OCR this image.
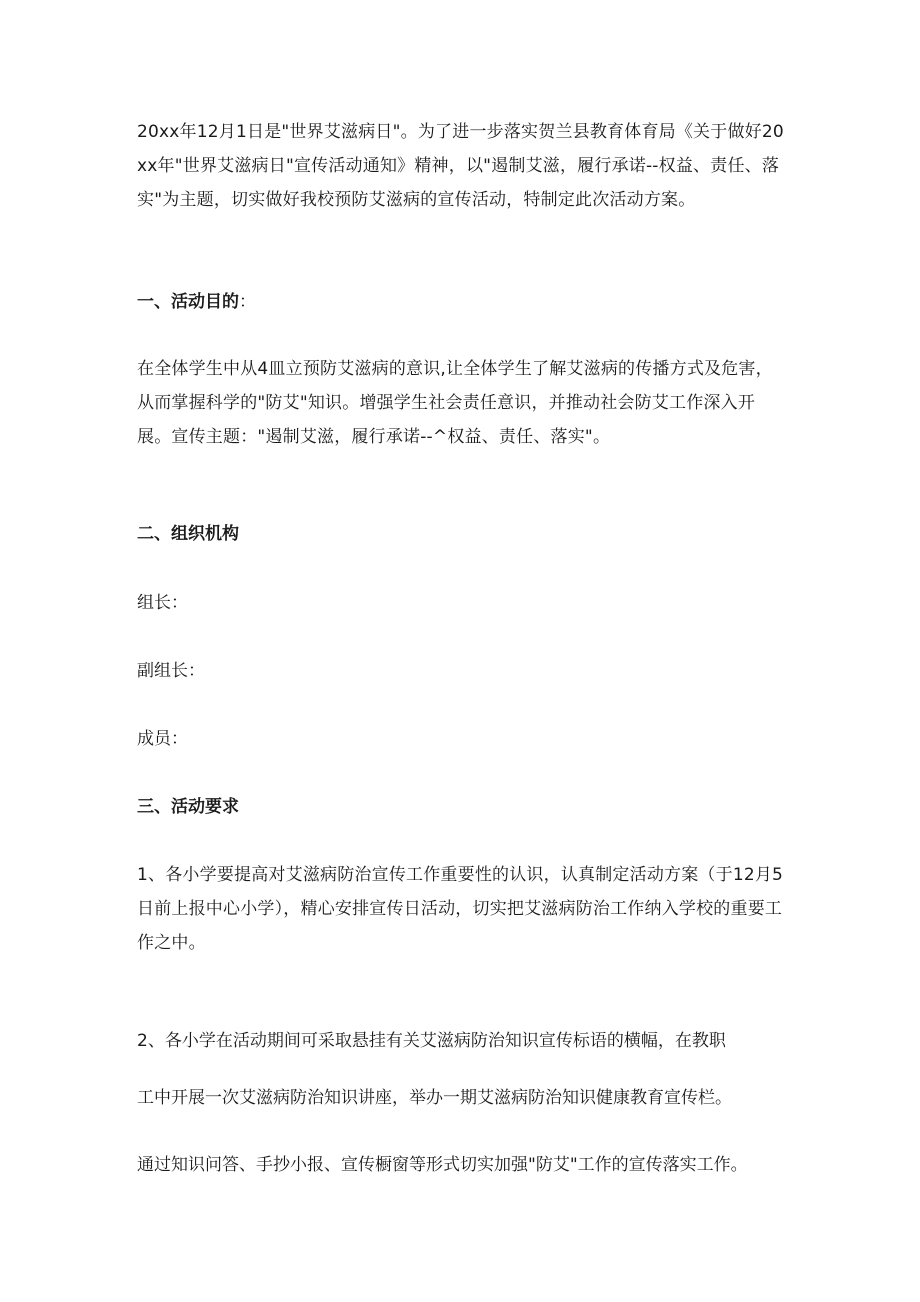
20xx年12月1日是"世界艾滋病日"。为了进一步落实贺兰县教育体育局《关于做好20xx年"世界艾滋病日"宣传活动通知》精神，以"遏制艾滋，履行承诺--权益、责任、落实"为主题，切实做好我校预防艾滋病的宣传活动，特制定此次活动方案。

一、活动目的：

在全体学生中从4皿立预防艾滋病的意识,让全体学生了解艾滋病的传播方式及危害，从而掌握科学的"防艾"知识。增强学生社会责任意识，并推动社会防艾工作深入开展。宣传主题："遏制艾滋，履行承诺--^权益、责任、落实"。

二、组织机构

组长：

副组长：

成员：

三、活动要求

1、各小学要提高对艾滋病防治宣传工作重要性的认识，认真制定活动方案（于12月5日前上报中心小学），精心安排宣传日活动，切实把艾滋病防治工作纳入学校的重要工作之中。

2、各小学在活动期间可采取悬挂有关艾滋病防治知识宣传标语的横幅，在教职

工中开展一次艾滋病防治知识讲座，举办一期艾滋病防治知识健康教育宣传栏。

通过知识问答、手抄小报、宣传橱窗等形式切实加强"防艾"工作的宣传落实工作。
